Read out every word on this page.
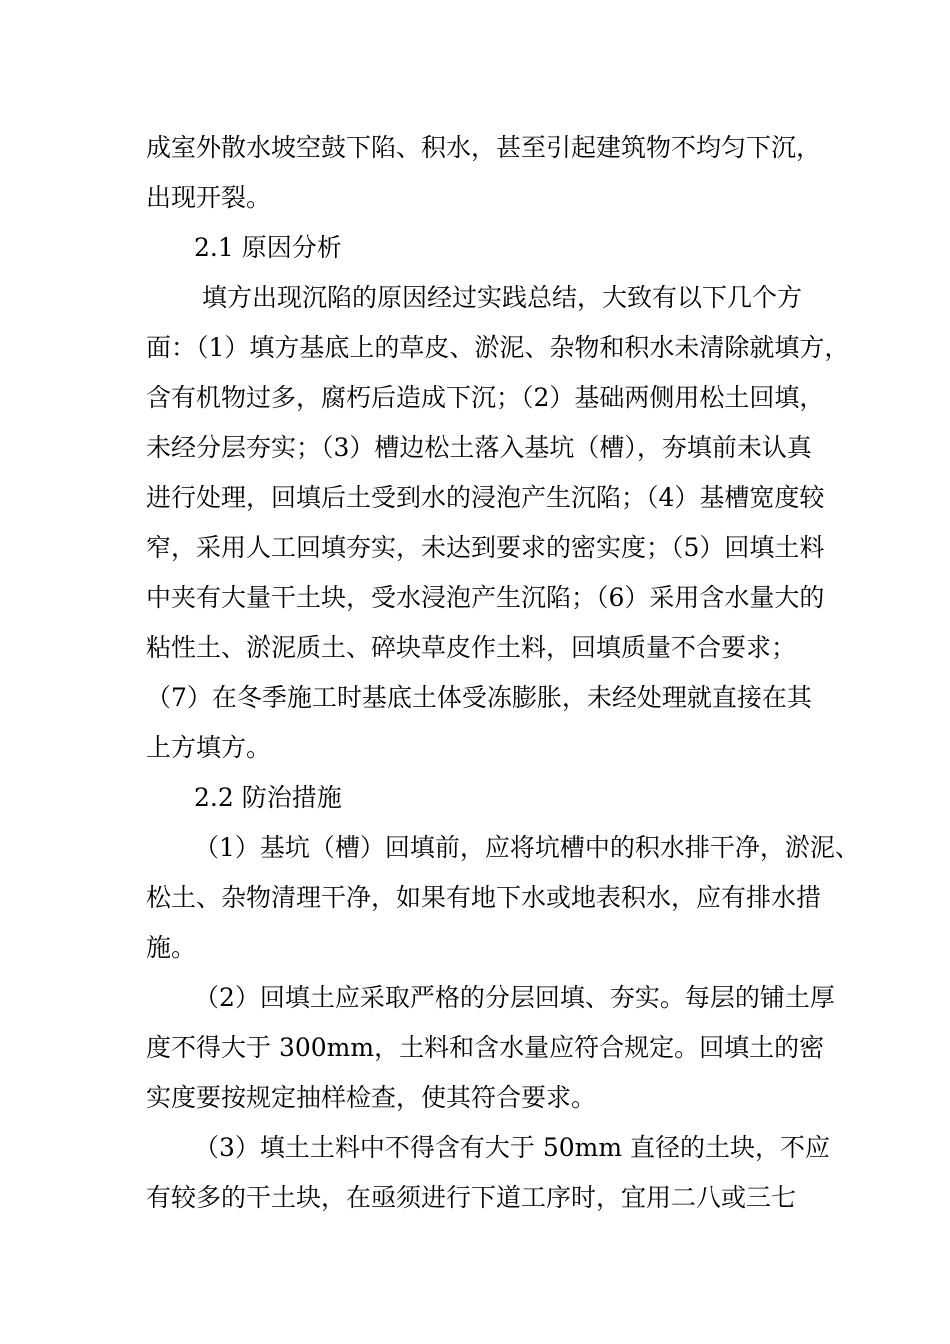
成室外散水坡空鼓下陷、积水，甚至引起建筑物不均匀下沉，
出现开裂。
2.1 原因分析
填方出现沉陷的原因经过实践总结，大致有以下几个方
面：（1）填方基底上的草皮、淤泥、杂物和积水未清除就填方，
含有机物过多，腐朽后造成下沉；（2）基础两侧用松土回填，
未经分层夯实；（3）槽边松土落入基坑（槽），夯填前未认真
进行处理，回填后土受到水的浸泡产生沉陷；（4）基槽宽度较
窄，采用人工回填夯实，未达到要求的密实度；（5）回填土料
中夹有大量干土块，受水浸泡产生沉陷；（6）采用含水量大的
粘性土、淤泥质土、碎块草皮作土料，回填质量不合要求；
（7）在冬季施工时基底土体受冻膨胀，未经处理就直接在其
上方填方。
2.2 防治措施
（1）基坑（槽）回填前，应将坑槽中的积水排干净，淤泥、
松土、杂物清理干净，如果有地下水或地表积水，应有排水措
施。
（2）回填土应采取严格的分层回填、夯实。每层的铺土厚
度不得大于 300mm，土料和含水量应符合规定。回填土的密
实度要按规定抽样检查，使其符合要求。
（3）填土土料中不得含有大于 50mm 直径的土块，不应
有较多的干土块，在亟须进行下道工序时，宜用二八或三七
